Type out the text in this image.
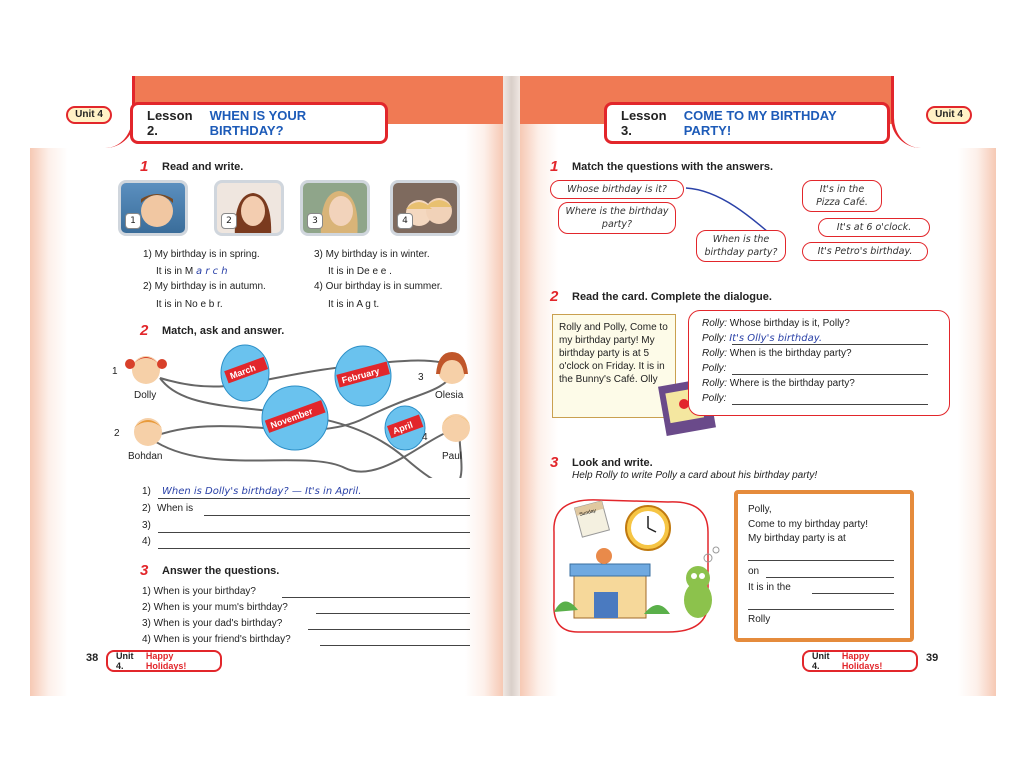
Unit 4	Lesson 2.
WHEN IS YOUR BIRTHDAY?
1	Read and write.
1	2	3	4
1) My birthday is in spring.
It is in M a r c h
2) My birthday is in autumn.
It is in No e b r.
3) My birthday is in winter.
It is in De e e .
4) Our birthday is in summer.
It is in A g t.
2	Match, ask and answer.
March	February
November	April
1
Dolly
2
Bohdan
3
Olesia
4
Paul
1) When is Dolly's birthday? — It's in April.
2) When is
3)
4)
3	Answer the questions.
1) When is your birthday?
2) When is your mum's birthday?
3) When is your dad's birthday?
4) When is your friend's birthday?
38 Unit 4.
Happy Holidays!
Unit 4
Lesson 3.
COME TO MY BIRTHDAY PARTY!
1	Match the questions with the answers.
Whose birthday is it?
Where is the birthday party?
When is the birthday party?
It's in the Pizza Café.
It's at 6 o'clock.
It's Petro's birthday.
2	Read the card. Complete the dialogue.
Rolly and Polly, Come to my birthday party! My birthday party is at 5 o'clock on Friday. It is in the Bunny's Café. Olly
Rolly: Whose birthday is it, Polly?
Polly: It's Olly's birthday.
Rolly: When is the birthday party?
Polly:
Rolly: Where is the birthday party?
Polly:
3	Look and write.
Help Rolly to write Polly a card about his birthday party!
Sunday	Polly,
Come to my birthday party!
My birthday party is at
on
It is in the
Rolly
Unit 4.
Happy Holidays!
39
